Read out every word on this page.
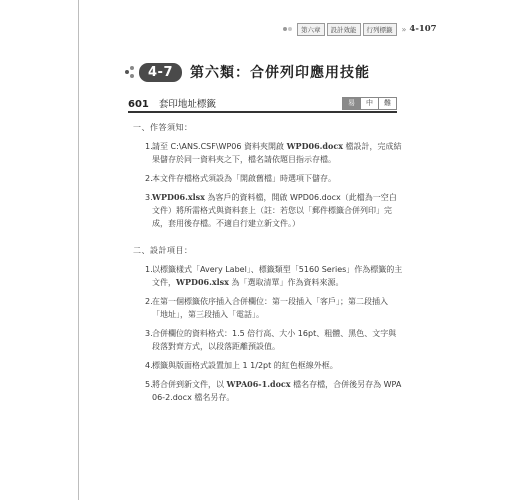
第六章	設計效能	行列標籤	» 4-107
4-7	第六類：合併列印應用技能
601 套印地址標籤	易	中	難
一、作答須知：
1. 請至 C:\ANS.CSF\WP06 資料夾開啟 WPD06.docx 檔設計，完成結果儲存於同一資料夾之下，檔名請依題目指示存檔。
2. 本文件存檔格式須設為「開啟舊檔」時選項下儲存。
3. WPD06.xlsx 為客戶的資料檔，開啟 WPD06.docx（此檔為一空白文件）將所需格式與資料套上（註：若您以「郵件標籤合併列印」完成，套用後存檔。不適自行建立新文件。）
二、設計項目：
1. 以標籤樣式「Avery Label」、標籤類型「5160 Series」作為標籤的主文件，WPD06.xlsx 為「選取清單」作為資料來源。
2. 在第一個標籤依序插入合併欄位：第一段插入「客戶」；第二段插入「地址」，第三段插入「電話」。
3. 合併欄位的資料格式：1.5 倍行高、大小 16pt、粗體、黑色、文字與段落對齊方式，以段落距離預設值。
4. 標籤與版面格式設置加上 1 1/2pt 的紅色框線外框。
5. 將合併到新文件，以 WPA06-1.docx 檔名存檔，合併後另存為 WPA06-2.docx 檔名另存。
